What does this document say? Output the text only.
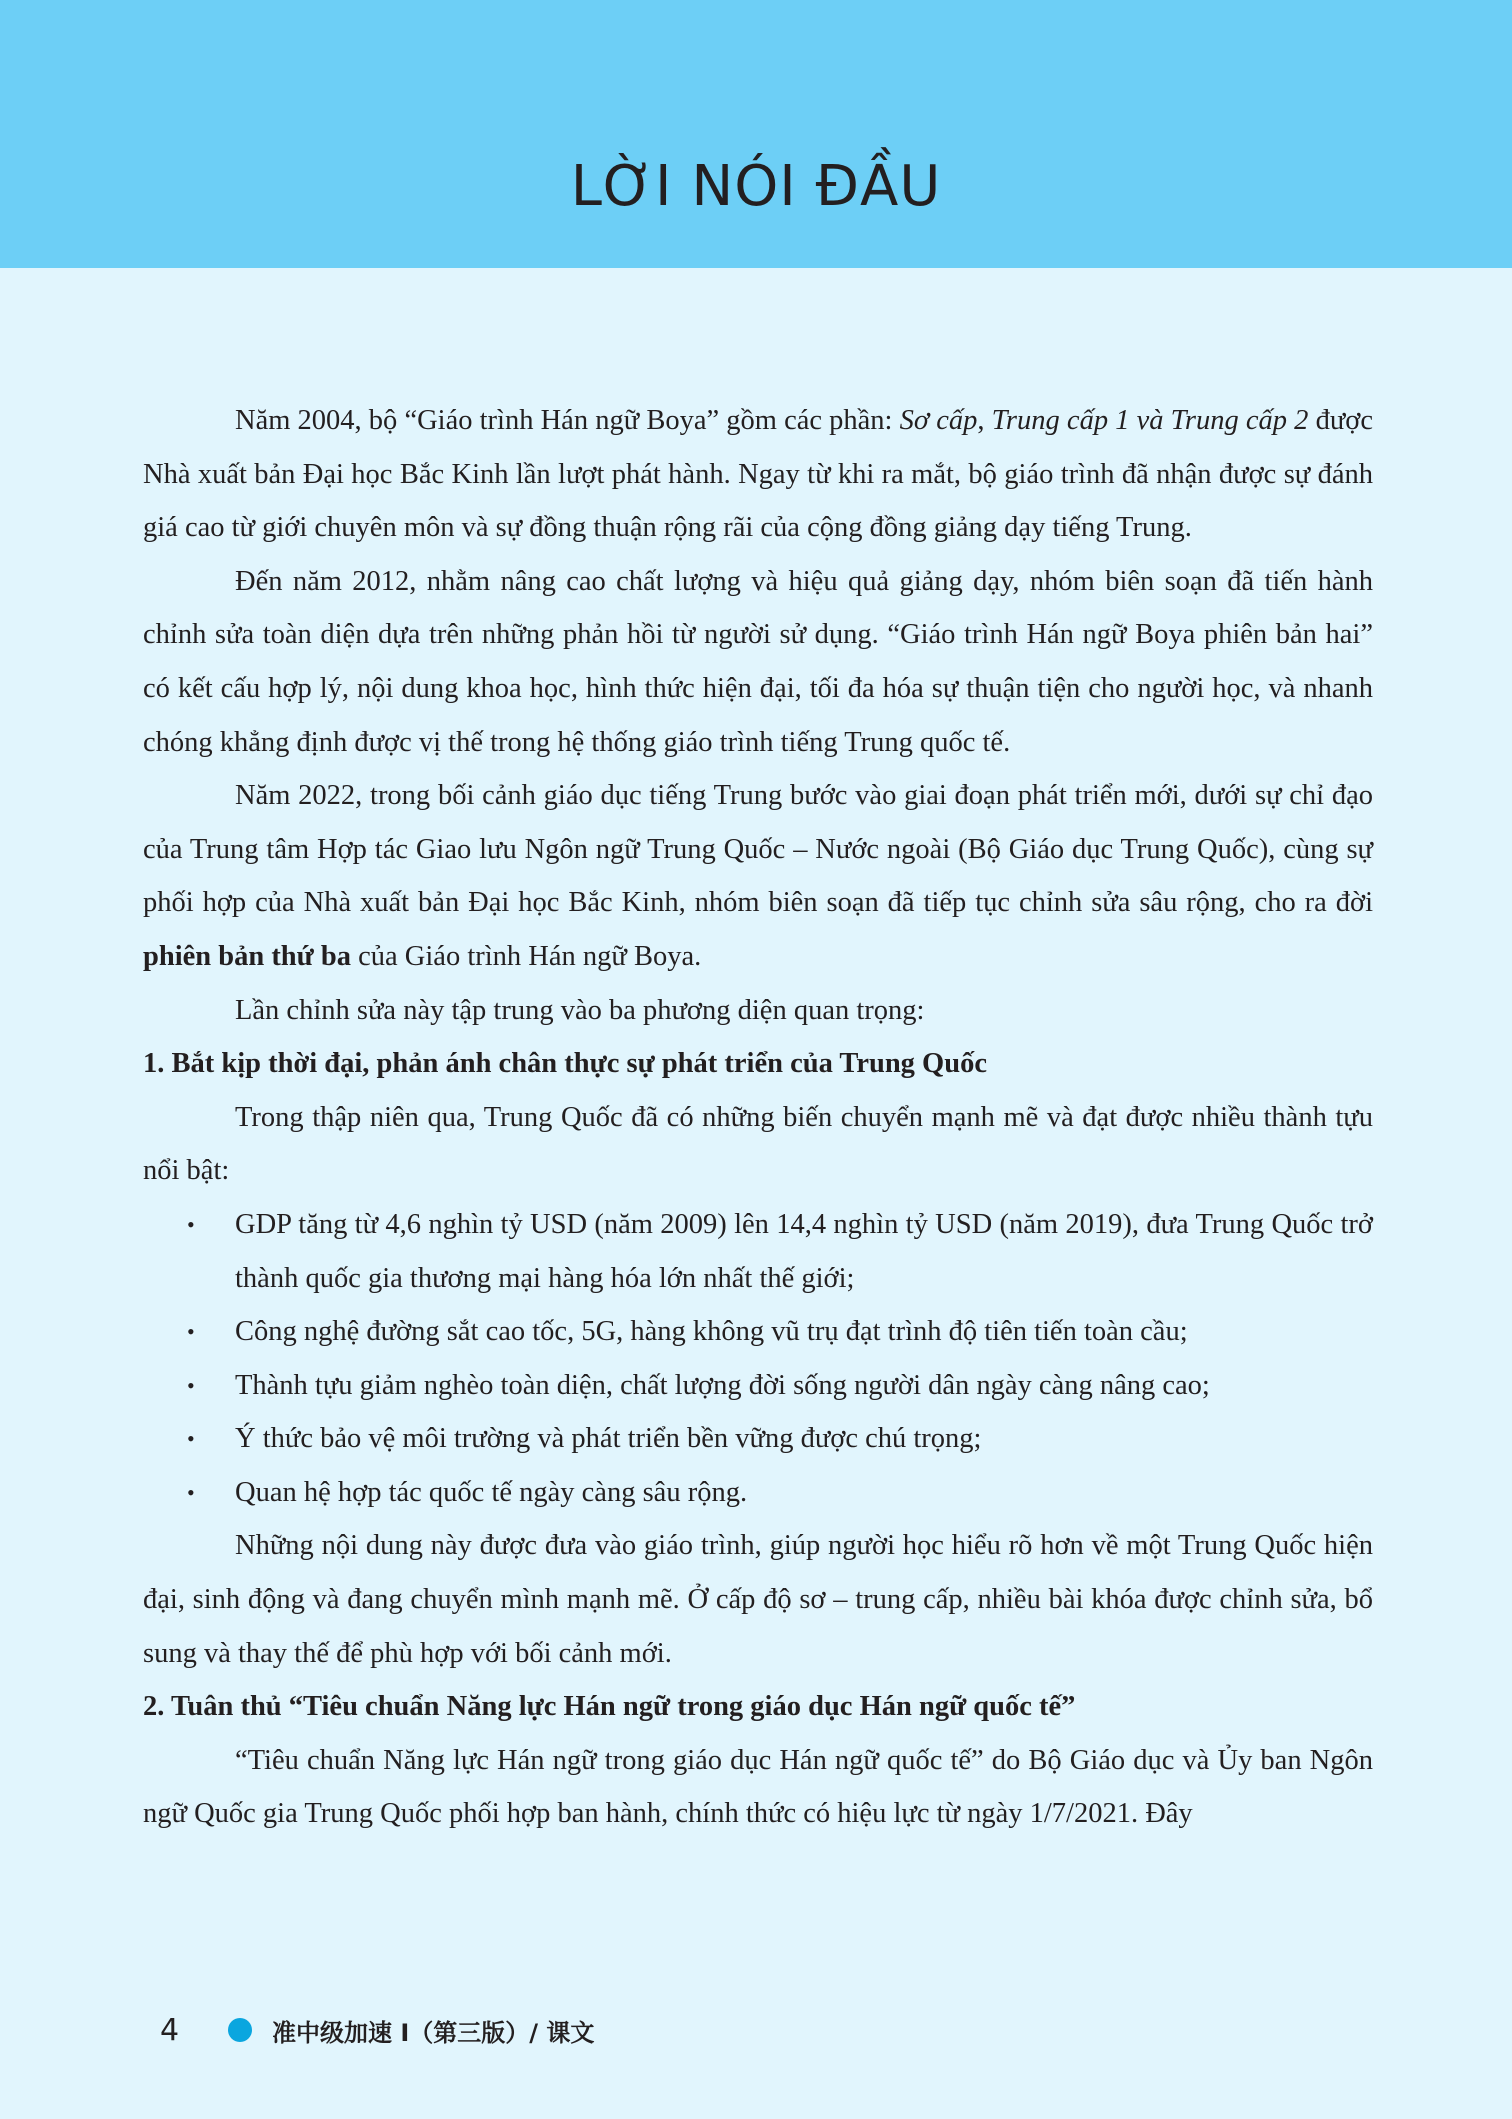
LỜI NÓI ĐẦU

Năm 2004, bộ “Giáo trình Hán ngữ Boya” gồm các phần: Sơ cấp, Trung cấp 1 và Trung cấp 2 được Nhà xuất bản Đại học Bắc Kinh lần lượt phát hành. Ngay từ khi ra mắt, bộ giáo trình đã nhận được sự đánh giá cao từ giới chuyên môn và sự đồng thuận rộng rãi của cộng đồng giảng dạy tiếng Trung.

Đến năm 2012, nhằm nâng cao chất lượng và hiệu quả giảng dạy, nhóm biên soạn đã tiến hành chỉnh sửa toàn diện dựa trên những phản hồi từ người sử dụng. “Giáo trình Hán ngữ Boya phiên bản hai” có kết cấu hợp lý, nội dung khoa học, hình thức hiện đại, tối đa hóa sự thuận tiện cho người học, và nhanh chóng khẳng định được vị thế trong hệ thống giáo trình tiếng Trung quốc tế.

Năm 2022, trong bối cảnh giáo dục tiếng Trung bước vào giai đoạn phát triển mới, dưới sự chỉ đạo của Trung tâm Hợp tác Giao lưu Ngôn ngữ Trung Quốc – Nước ngoài (Bộ Giáo dục Trung Quốc), cùng sự phối hợp của Nhà xuất bản Đại học Bắc Kinh, nhóm biên soạn đã tiếp tục chỉnh sửa sâu rộng, cho ra đời phiên bản thứ ba của Giáo trình Hán ngữ Boya.

Lần chỉnh sửa này tập trung vào ba phương diện quan trọng:

1. Bắt kịp thời đại, phản ánh chân thực sự phát triển của Trung Quốc

Trong thập niên qua, Trung Quốc đã có những biến chuyển mạnh mẽ và đạt được nhiều thành tựu nổi bật:

• GDP tăng từ 4,6 nghìn tỷ USD (năm 2009) lên 14,4 nghìn tỷ USD (năm 2019), đưa Trung Quốc trở thành quốc gia thương mại hàng hóa lớn nhất thế giới;
• Công nghệ đường sắt cao tốc, 5G, hàng không vũ trụ đạt trình độ tiên tiến toàn cầu;
• Thành tựu giảm nghèo toàn diện, chất lượng đời sống người dân ngày càng nâng cao;
• Ý thức bảo vệ môi trường và phát triển bền vững được chú trọng;
• Quan hệ hợp tác quốc tế ngày càng sâu rộng.

Những nội dung này được đưa vào giáo trình, giúp người học hiểu rõ hơn về một Trung Quốc hiện đại, sinh động và đang chuyển mình mạnh mẽ. Ở cấp độ sơ – trung cấp, nhiều bài khóa được chỉnh sửa, bổ sung và thay thế để phù hợp với bối cảnh mới.

2. Tuân thủ “Tiêu chuẩn Năng lực Hán ngữ trong giáo dục Hán ngữ quốc tế”

“Tiêu chuẩn Năng lực Hán ngữ trong giáo dục Hán ngữ quốc tế” do Bộ Giáo dục và Ủy ban Ngôn ngữ Quốc gia Trung Quốc phối hợp ban hành, chính thức có hiệu lực từ ngày 1/7/2021. Đây

4	准中级加速 I（第三版）/ 课文
